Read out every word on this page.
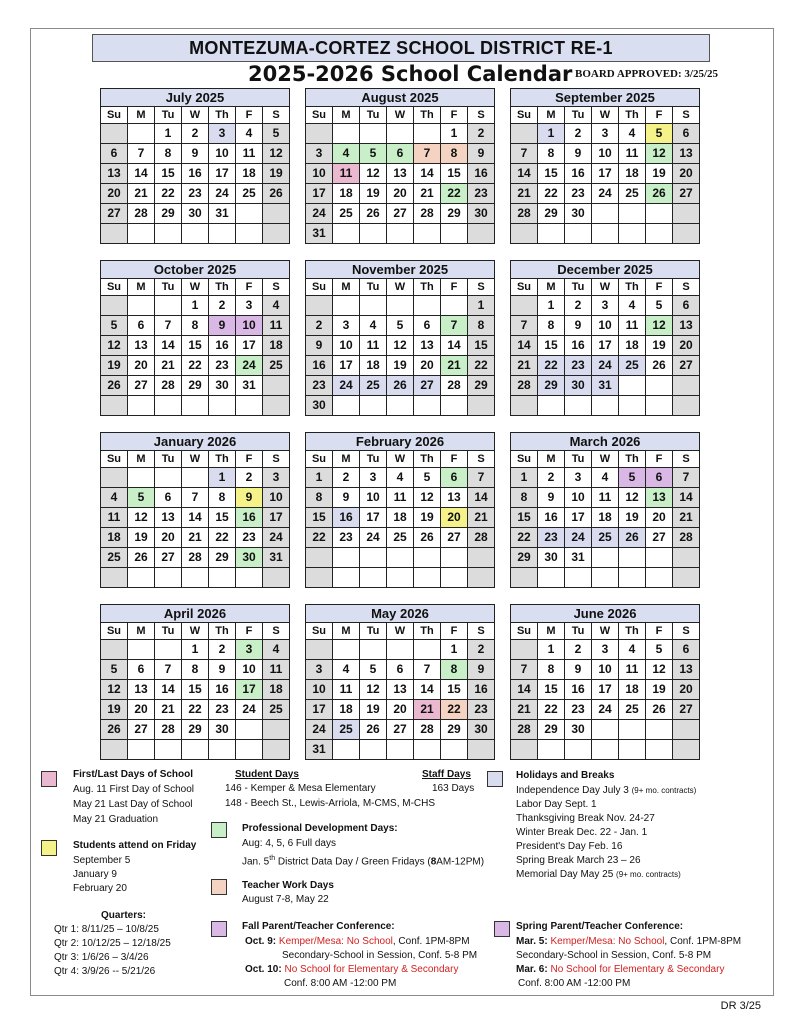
MONTEZUMA-CORTEZ SCHOOL DISTRICT RE-1
2025-2026 School Calendar BOARD APPROVED: 3/25/25
July 2025						
Su	M	Tu	W	Th	F	S
		1	2	3	4	5
6	7	8	9	10	11	12
13	14	15	16	17	18	19
20	21	22	23	24	25	26
27	28	29	30	31		

August 2025						
Su	M	Tu	W	Th	F	S
					1	2
3	4	5	6	7	8	9
10	11	12	13	14	15	16
17	18	19	20	21	22	23
24	25	26	27	28	29	30
31						
September 2025						
Su	M	Tu	W	Th	F	S
	1	2	3	4	5	6
7	8	9	10	11	12	13
14	15	16	17	18	19	20
21	22	23	24	25	26	27
28	29	30				

October 2025						
Su	M	Tu	W	Th	F	S
			1	2	3	4
5	6	7	8	9	10	11
12	13	14	15	16	17	18
19	20	21	22	23	24	25
26	27	28	29	30	31	

November 2025						
Su	M	Tu	W	Th	F	S
						1
2	3	4	5	6	7	8
9	10	11	12	13	14	15
16	17	18	19	20	21	22
23	24	25	26	27	28	29
30						
December 2025						
Su	M	Tu	W	Th	F	S
	1	2	3	4	5	6
7	8	9	10	11	12	13
14	15	16	17	18	19	20
21	22	23	24	25	26	27
28	29	30	31			

January 2026						
Su	M	Tu	W	Th	F	S
				1	2	3
4	5	6	7	8	9	10
11	12	13	14	15	16	17
18	19	20	21	22	23	24
25	26	27	28	29	30	31

February 2026						
Su	M	Tu	W	Th	F	S
1	2	3	4	5	6	7
8	9	10	11	12	13	14
15	16	17	18	19	20	21
22	23	24	25	26	27	28

March 2026						
Su	M	Tu	W	Th	F	S
1	2	3	4	5	6	7
8	9	10	11	12	13	14
15	16	17	18	19	20	21
22	23	24	25	26	27	28
29	30	31				

April 2026						
Su	M	Tu	W	Th	F	S
			1	2	3	4
5	6	7	8	9	10	11
12	13	14	15	16	17	18
19	20	21	22	23	24	25
26	27	28	29	30		

May 2026						
Su	M	Tu	W	Th	F	S
					1	2
3	4	5	6	7	8	9
10	11	12	13	14	15	16
17	18	19	20	21	22	23
24	25	26	27	28	29	30
31						
June 2026						
Su	M	Tu	W	Th	F	S
	1	2	3	4	5	6
7	8	9	10	11	12	13
14	15	16	17	18	19	20
21	22	23	24	25	26	27
28	29	30				

First/Last Days of School
Aug. 11 First Day of School
May 21 Last Day of School
May 21 Graduation
Students attend on Friday
September 5
January 9
February 20
Quarters:
Qtr 1: 8/11/25 – 10/8/25
Qtr 2: 10/12/25 – 12/18/25
Qtr 3: 1/6/26 – 3/4/26
Qtr 4: 3/9/26 -- 5/21/26
Student Days
146 - Kemper & Mesa Elementary
148 - Beech St., Lewis-Arriola, M-CMS, M-CHS
Staff Days
163 Days
Professional Development Days:
Aug: 4, 5, 6 Full days
Jan. 5th District Data Day / Green Fridays (8AM-12PM)
Teacher Work Days
August 7-8, May 22
Fall Parent/Teacher Conference:
Oct. 9: Kemper/Mesa: No School, Conf. 1PM-8PM
Secondary-School in Session, Conf. 5-8 PM
Oct. 10: No School for Elementary & Secondary
Conf. 8:00 AM -12:00 PM
Holidays and Breaks
Independence Day July 3 (9+ mo. contracts)
Labor Day Sept. 1
Thanksgiving Break Nov. 24-27
Winter Break Dec. 22 - Jan. 1
President's Day Feb. 16
Spring Break March 23 – 26
Memorial Day May 25 (9+ mo. contracts)
Spring Parent/Teacher Conference:
Mar. 5: Kemper/Mesa: No School, Conf. 1PM-8PM
Secondary-School in Session, Conf. 5-8 PM
Mar. 6: No School for Elementary & Secondary
Conf. 8:00 AM -12:00 PM
DR 3/25
